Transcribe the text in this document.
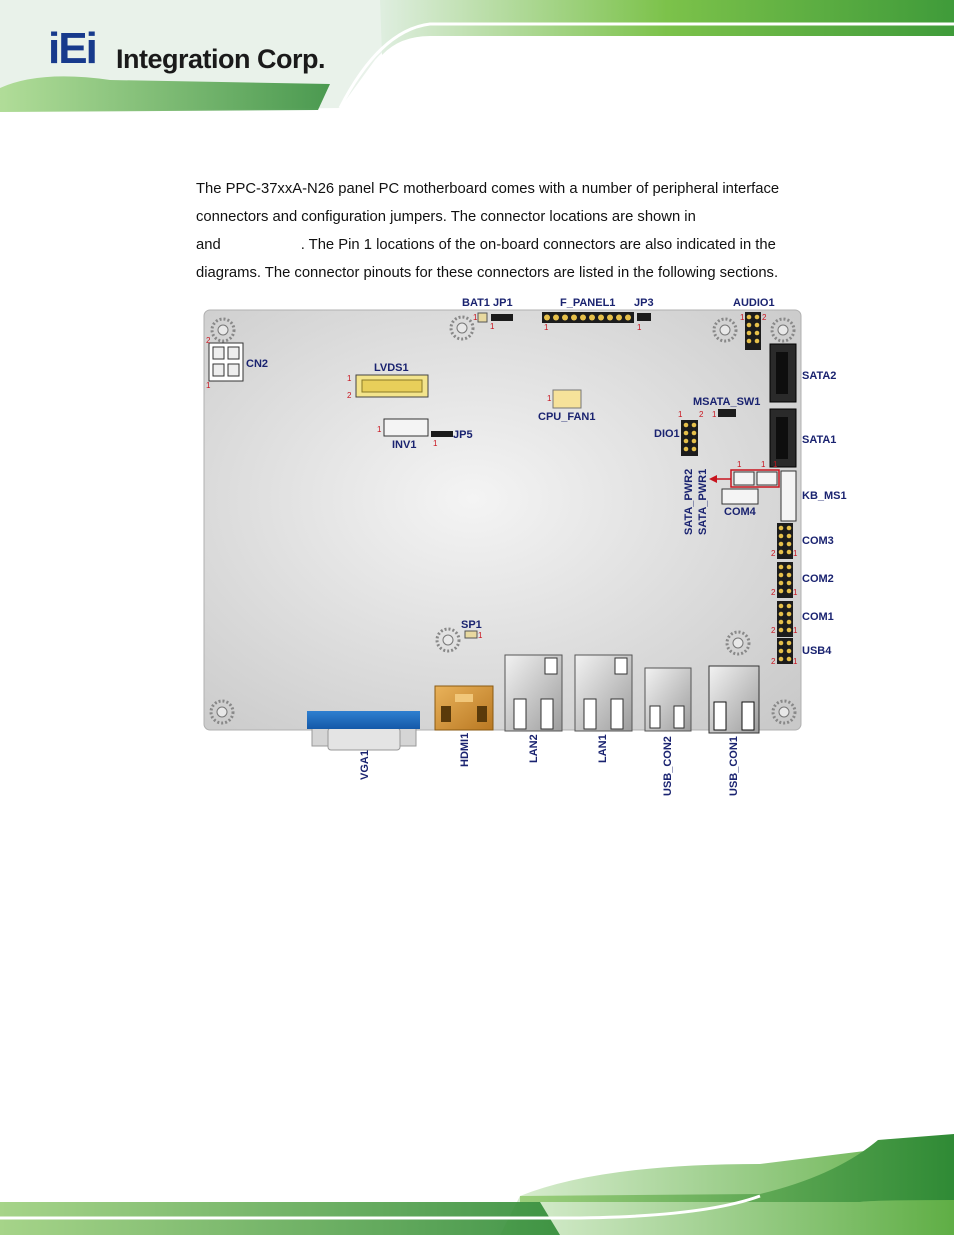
iEi Integration Corp.

The PPC-37xxA-N26 panel PC motherboard comes with a number of peripheral interface

connectors and configuration jumpers. The connector locations are shown in

and	. The Pin 1 locations of the on-board connectors are also indicated in the

diagrams. The connector pinouts for these connectors are listed in the following sections.

CN2
2
1
BAT1 JP1
1
1
F_PANEL1
1
JP3
1
AUDIO1
1 2
LVDS1
1
2	1
CPU_FAN1
1
INV1
JP5
1
MSATA_SW1
1
DIO1
1 2
SATA2
SATA1
1 1 1
SATA_PWR2 SATA_PWR1 COM4
KB_MS1
COM3
2 1
COM2
2 1
COM1
2 1
USB4
2 1
SP1
1
VGA1	HDMI1	LAN2	LAN1	USB_CON2	USB_CON1
